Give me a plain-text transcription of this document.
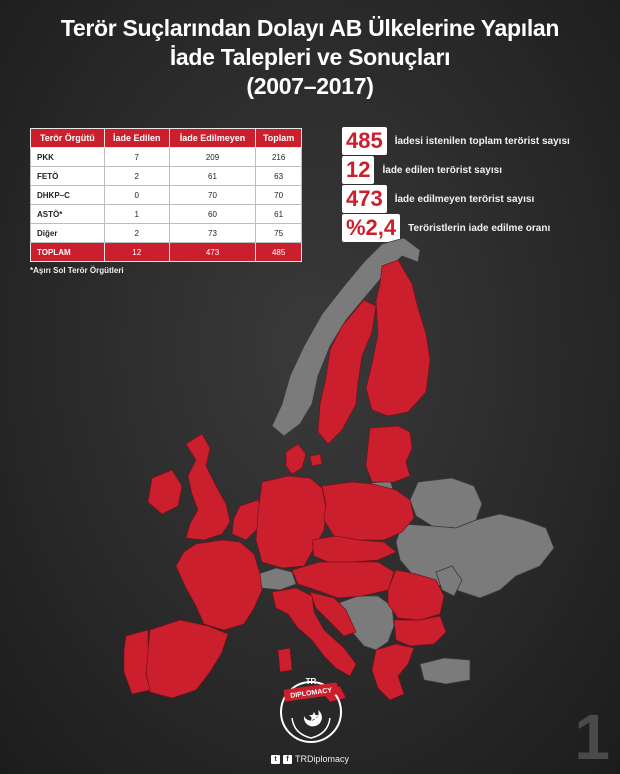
Terör Suçlarından Dolayı AB Ülkelerine Yapılan
İade Talepleri ve Sonuçları
(2007–2017)
Terör Örgütü	İade Edilen	İade Edilmeyen	Toplam
PKK	7	209	216
FETÖ	2	61	63
DHKP–C	0	70	70
ASTÖ*	1	60	61
Diğer	2	73	75
TOPLAM	12	473	485
*Aşırı Sol Terör Örgütleri
485	İadesi istenilen toplam terörist sayısı
12	İade edilen terörist sayısı
473	İade edilmeyen terörist sayısı
%2,4	Teröristlerin iade edilme oranı
TR
DIPLOMACY
t	f TRDiplomacy	1
